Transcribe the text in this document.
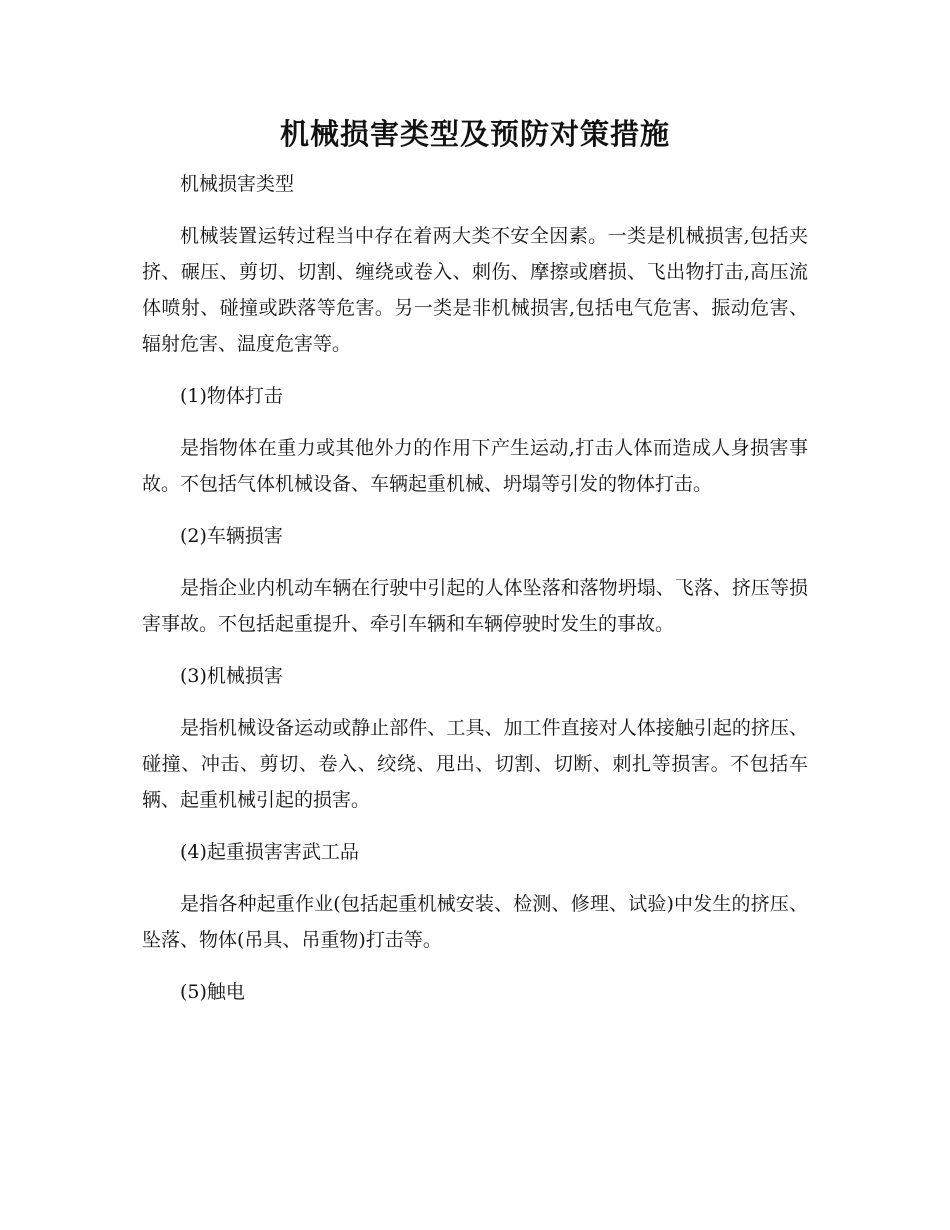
机械损害类型及预防对策措施

机械损害类型

机械装置运转过程当中存在着两大类不安全因素。一类是机械损害,包括夹挤、碾压、剪切、切割、缠绕或卷入、刺伤、摩擦或磨损、飞出物打击,高压流体喷射、碰撞或跌落等危害。另一类是非机械损害,包括电气危害、振动危害、辐射危害、温度危害等。

(1)物体打击

是指物体在重力或其他外力的作用下产生运动,打击人体而造成人身损害事故。不包括气体机械设备、车辆起重机械、坍塌等引发的物体打击。

(2)车辆损害

是指企业内机动车辆在行驶中引起的人体坠落和落物坍塌、飞落、挤压等损害事故。不包括起重提升、牵引车辆和车辆停驶时发生的事故。

(3)机械损害

是指机械设备运动或静止部件、工具、加工件直接对人体接触引起的挤压、碰撞、冲击、剪切、卷入、绞绕、甩出、切割、切断、刺扎等损害。不包括车辆、起重机械引起的损害。

(4)起重损害害武工品

是指各种起重作业(包括起重机械安装、检测、修理、试验)中发生的挤压、坠落、物体(吊具、吊重物)打击等。

(5)触电
